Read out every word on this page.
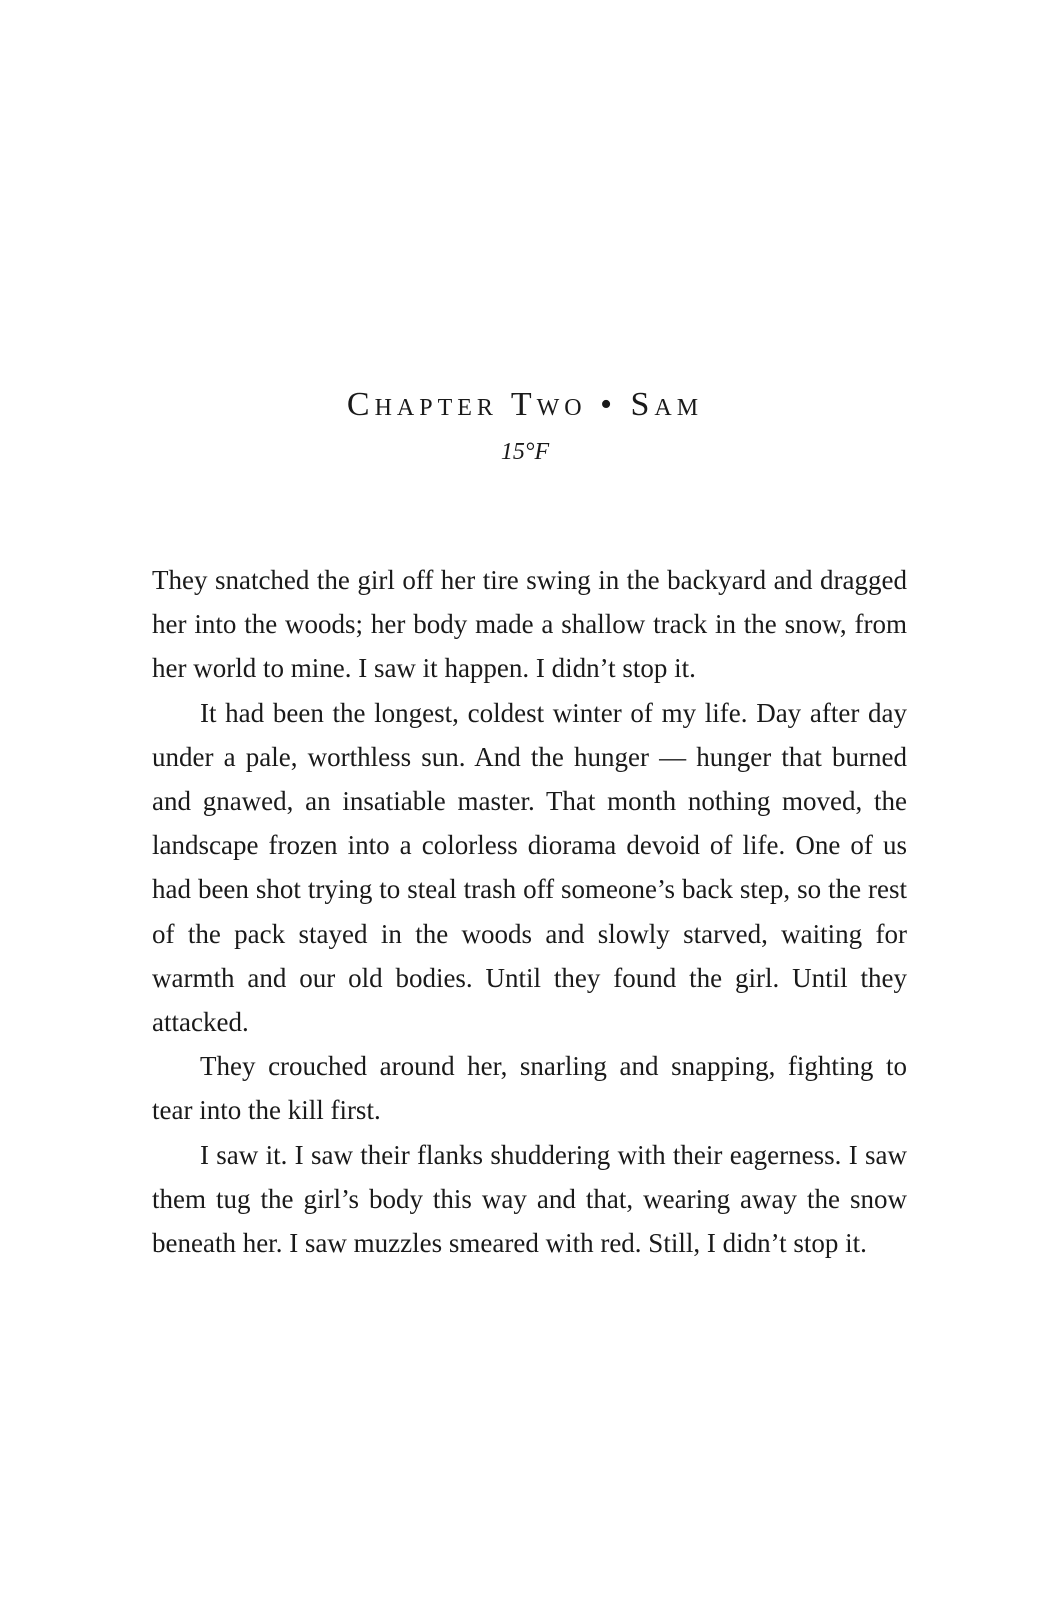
Chapter Two • Sam
15°F

They snatched the girl off her tire swing in the backyard and dragged her into the woods; her body made a shallow track in the snow, from her world to mine. I saw it happen. I didn’t stop it.

It had been the longest, coldest winter of my life. Day after day under a pale, worthless sun. And the hunger — hunger that burned and gnawed, an insatiable master. That month nothing moved, the landscape frozen into a colorless diorama devoid of life. One of us had been shot trying to steal trash off someone’s back step, so the rest of the pack stayed in the woods and slowly starved, waiting for warmth and our old bodies. Until they found the girl. Until they attacked.

They crouched around her, snarling and snapping, fighting to tear into the kill first.

I saw it. I saw their flanks shuddering with their eagerness. I saw them tug the girl’s body this way and that, wearing away the snow beneath her. I saw muzzles smeared with red. Still, I didn’t stop it.
